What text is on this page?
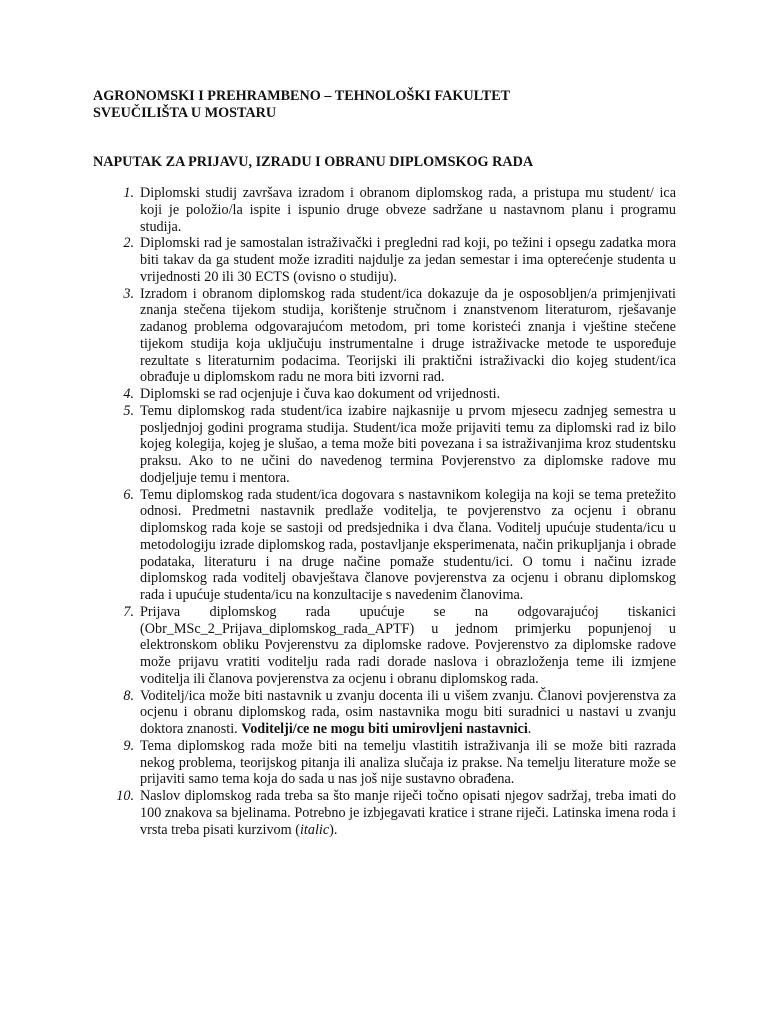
AGRONOMSKI I PREHRAMBENO – TEHNOLOŠKI FAKULTET
SVEUČILIŠTA U MOSTARU
NAPUTAK ZA PRIJAVU, IZRADU I OBRANU DIPLOMSKOG RADA
1. Diplomski studij završava izradom i obranom diplomskog rada, a pristupa mu student/ ica koji je položio/la ispite i ispunio druge obveze sadržane u nastavnom planu i programu studija.
2. Diplomski rad je samostalan istraživački i pregledni rad koji, po težini i opsegu zadatka mora biti takav da ga student može izraditi najdulje za jedan semestar i ima opterećenje studenta u vrijednosti 20 ili 30 ECTS (ovisno o studiju).
3. Izradom i obranom diplomskog rada student/ica dokazuje da je osposobljen/a primjenjivati znanja stečena tijekom studija, korištenje stručnom i znanstvenom literaturom, rješavanje zadanog problema odgovarajućom metodom, pri tome koristeći znanja i vještine stečene tijekom studija koja uključuju instrumentalne i druge istraživacke metode te uspoređuje rezultate s literaturnim podacima. Teorijski ili praktični istraživacki dio kojeg student/ica obrađuje u diplomskom radu ne mora biti izvorni rad.
4. Diplomski se rad ocjenjuje i čuva kao dokument od vrijednosti.
5. Temu diplomskog rada student/ica izabire najkasnije u prvom mjesecu zadnjeg semestra u posljednjoj godini programa studija. Student/ica može prijaviti temu za diplomski rad iz bilo kojeg kolegija, kojeg je slušao, a tema može biti povezana i sa istraživanjima kroz studentsku praksu. Ako to ne učini do navedenog termina Povjerenstvo za diplomske radove mu dodjeljuje temu i mentora.
6. Temu diplomskog rada student/ica dogovara s nastavnikom kolegija na koji se tema pretežito odnosi. Predmetni nastavnik predlaže voditelja, te povjerenstvo za ocjenu i obranu diplomskog rada koje se sastoji od predsjednika i dva člana. Voditelj upućuje studenta/icu u metodologiju izrade diplomskog rada, postavljanje eksperimenata, način prikupljanja i obrade podataka, literaturu i na druge načine pomaže studentu/ici. O tomu i načinu izrade diplomskog rada voditelj obavještava članove povjerenstva za ocjenu i obranu diplomskog rada i upućuje studenta/icu na konzultacije s navedenim članovima.
7. Prijava diplomskog rada upućuje se na odgovarajućoj tiskanici (Obr_MSc_2_Prijava_diplomskog_rada_APTF) u jednom primjerku popunjenoj u elektronskom obliku Povjerenstvu za diplomske radove. Povjerenstvo za diplomske radove može prijavu vratiti voditelju rada radi dorade naslova i obrazloženja teme ili izmjene voditelja ili članova povjerenstva za ocjenu i obranu diplomskog rada.
8. Voditelj/ica može biti nastavnik u zvanju docenta ili u višem zvanju. Članovi povjerenstva za ocjenu i obranu diplomskog rada, osim nastavnika mogu biti suradnici u nastavi u zvanju doktora znanosti. Voditelji/ce ne mogu biti umirovljeni nastavnici.
9. Tema diplomskog rada može biti na temelju vlastitih istraživanja ili se može biti razrada nekog problema, teorijskog pitanja ili analiza slučaja iz prakse. Na temelju literature može se prijaviti samo tema koja do sada u nas još nije sustavno obrađena.
10. Naslov diplomskog rada treba sa što manje riječi točno opisati njegov sadržaj, treba imati do 100 znakova sa bjelinama. Potrebno je izbjegavati kratice i strane riječi. Latinska imena roda i vrsta treba pisati kurzivom (italic).
